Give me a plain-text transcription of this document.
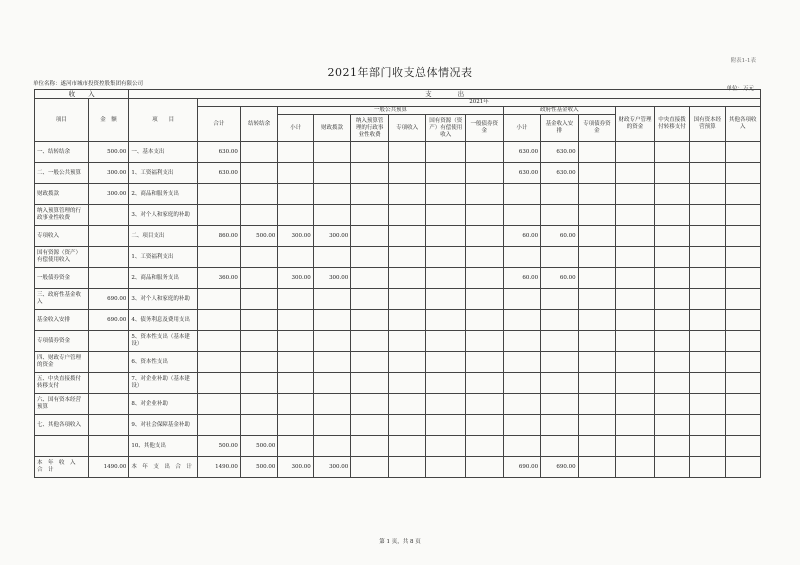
附表1-1表
2021年部门收支总体情况表
单位名称：遂河市城市投资控股集团有限公司
单位：万元
收　　入		支　　　　出															
项目	金　额	项　　目	2021年														
			合计	结转结余	一般公共预算						政府性基金收入			财政专户管理的资金	中央直接拨付转移支付	国有资本经营预算	其他各项收入
					小计	财政拨款	纳入预算管理的行政事业性收费	专项收入	国有资源（资产）有偿使用收入	一般债券资金	小计	基金收入安排	专项债券资金				

一、结转结余	500.00	一、基本支出	630.00								630.00	630.00					
二、一般公共预算	300.00	1、工资福利支出	630.00								630.00	630.00					
财政拨款	300.00	2、商品和服务支出															
纳入预算管理的行政事业性收费		3、对个人和家庭的补助															
专项收入		二、项目支出	860.00	500.00	300.00	300.00					60.00	60.00					
国有资源（资产）有偿使用收入		1、工资福利支出															
一般债券资金		2、商品和服务支出	360.00		300.00	300.00					60.00	60.00					
三、政府性基金收入	690.00	3、对个人和家庭的补助															
基金收入安排	690.00	4、债务利息及费用支出															
专项债券资金		5、资本性支出（基本建设）															
四、财政专户管理的资金		6、资本性支出															
五、中央直接拨付转移支付		7、对企业补助（基本建设）															
六、国有资本经营预算		8、对企业补助															
七、其他各项收入		9、对社会保障基金补助															
		10、其他支出	500.00	500.00													
本　年　收　入　合　计	1490.00	本　年　支　出　合　计	1490.00	500.00	300.00	300.00					690.00	690.00					
第 1 页，共 8 页
